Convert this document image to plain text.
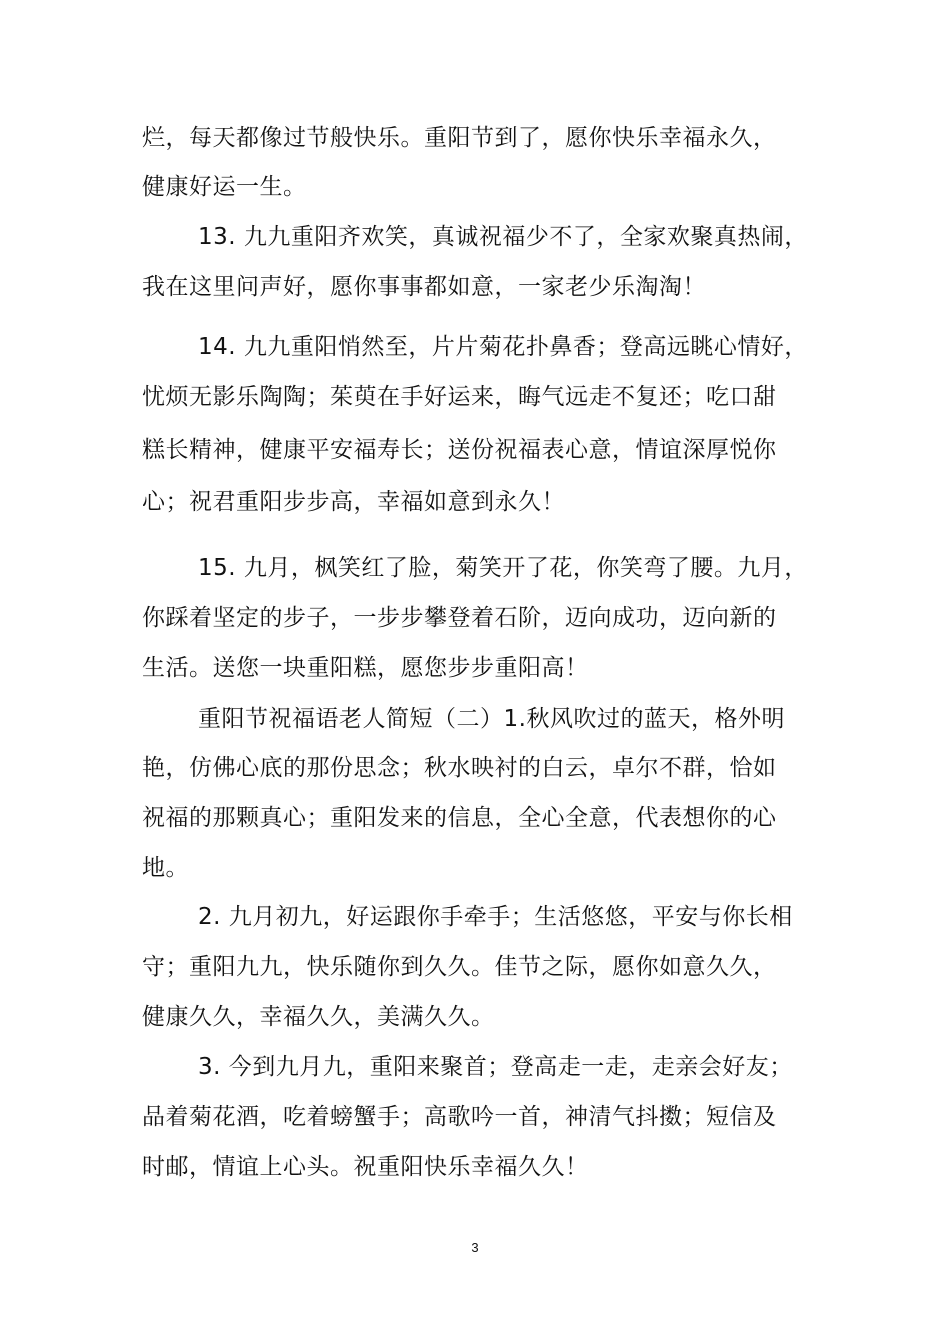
烂，每天都像过节般快乐。重阳节到了，愿你快乐幸福永久，
健康好运一生。
13. 九九重阳齐欢笑，真诚祝福少不了，全家欢聚真热闹，
我在这里问声好，愿你事事都如意，一家老少乐淘淘！
14. 九九重阳悄然至，片片菊花扑鼻香；登高远眺心情好，
忧烦无影乐陶陶；茱萸在手好运来，晦气远走不复还；吃口甜
糕长精神，健康平安福寿长；送份祝福表心意，情谊深厚悦你
心；祝君重阳步步高，幸福如意到永久！
15. 九月，枫笑红了脸，菊笑开了花，你笑弯了腰。九月，
你踩着坚定的步子，一步步攀登着石阶，迈向成功，迈向新的
生活。送您一块重阳糕，愿您步步重阳高！
重阳节祝福语老人简短（二）1.秋风吹过的蓝天，格外明
艳，仿佛心底的那份思念；秋水映衬的白云，卓尔不群，恰如
祝福的那颗真心；重阳发来的信息，全心全意，代表想你的心
地。
2. 九月初九，好运跟你手牵手；生活悠悠，平安与你长相
守；重阳九九，快乐随你到久久。佳节之际，愿你如意久久，
健康久久，幸福久久，美满久久。
3. 今到九月九，重阳来聚首；登高走一走，走亲会好友；
品着菊花酒，吃着螃蟹手；高歌吟一首，神清气抖擞；短信及
时邮，情谊上心头。祝重阳快乐幸福久久！
3
